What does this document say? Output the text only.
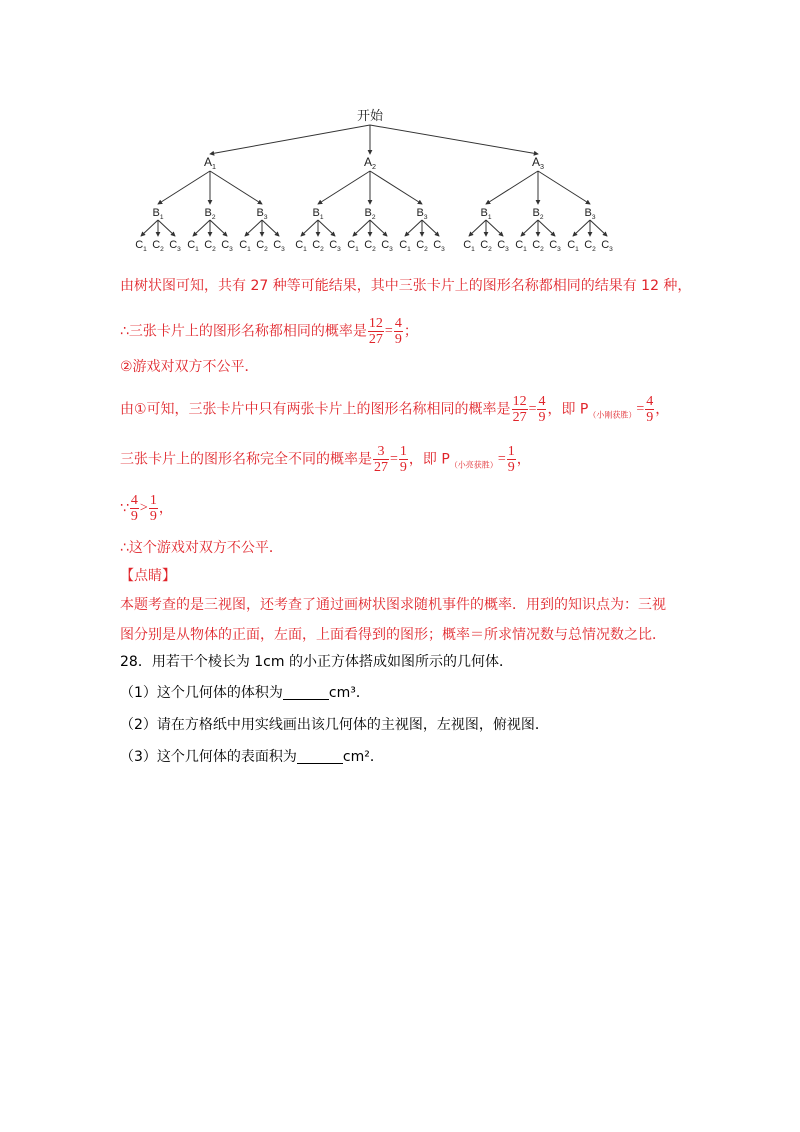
开始
$A_1$
$B_1$
$C_1$ $C_2$ $C_3$
$B_2$
$C_1$ $C_2$ $C_3$
$B_3$
$C_1$ $C_2$ $C_3$
$A_2$
$B_1$
$C_1$ $C_2$ $C_3$
$B_2$
$C_1$ $C_2$ $C_3$
$B_3$
$C_1$ $C_2$ $C_3$
$A_3$
$B_1$
$C_1$ $C_2$ $C_3$
$B_2$
$C_1$ $C_2$ $C_3$
$B_3$
$C_1$ $C_2$ $C_3$
由树状图可知，共有 27 种等可能结果，其中三张卡片上的图形名称都相同的结果有 12 种，
∴三张卡片上的图形名称都相同的概率是 $\frac{12}{27} = \frac{4}{9}$ ；
②游戏对双方不公平．
由①可知，三张卡片中只有两张卡片上的图形名称相同的概率是 $\frac{12}{27} = \frac{4}{9}$ ，即 $P_{(小刚获胜)}= \frac{4}{9}$ ，
三张卡片上的图形名称完全不同的概率是 $\frac{3}{27} = \frac{1}{9}$ ，即 $P_{(小亮获胜)}= \frac{1}{9}$ ，
∵ $\frac{4}{9} > \frac{1}{9}$ ，
∴这个游戏对双方不公平．
【点睛】
本题考查的是三视图，还考查了通过画树状图求随机事件的概率．用到的知识点为：三视
图分别是从物体的正面，左面，上面看得到的图形；概率＝所求情况数与总情况数之比．
28．用若干个棱长为 1cm 的小正方体搭成如图所示的几何体．
（1）这个几何体的体积为	cm³．
（2）请在方格纸中用实线画出该几何体的主视图，左视图，俯视图．
（3）这个几何体的表面积为	cm²．
